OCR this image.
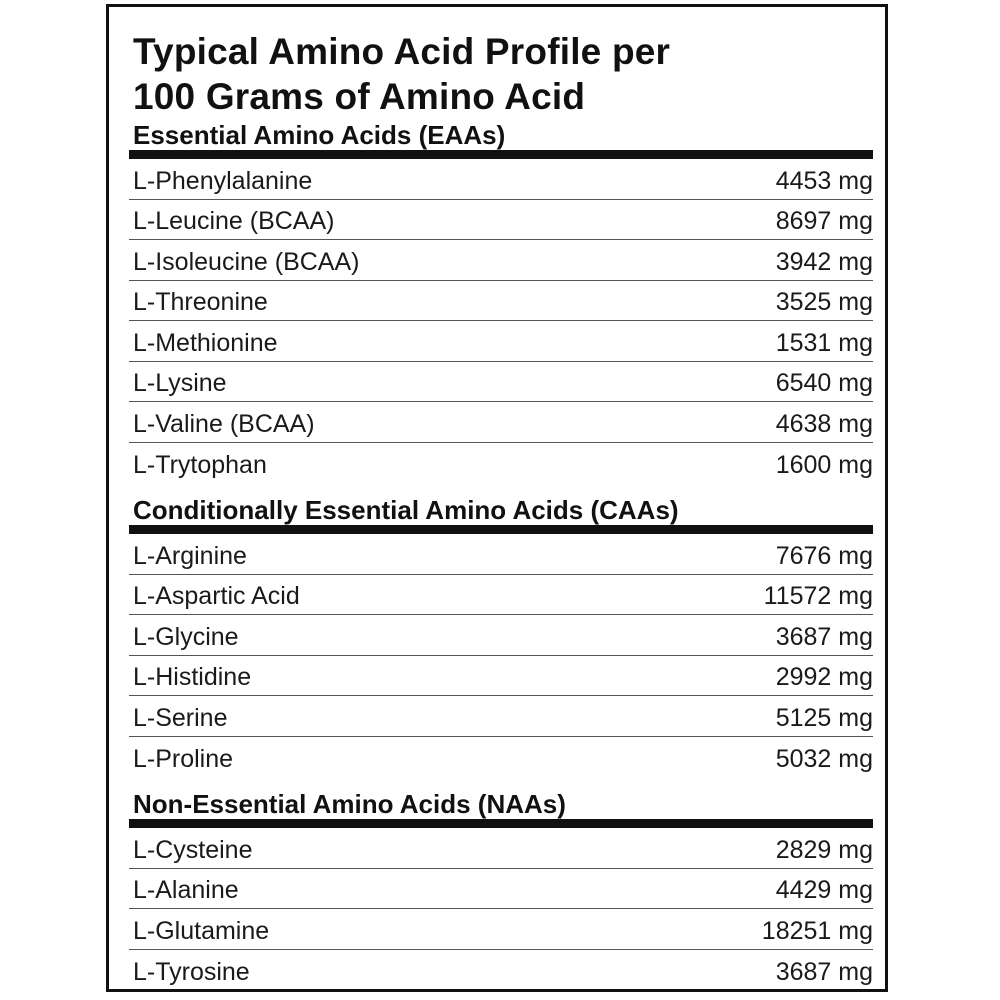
Typical Amino Acid Profile per
100 Grams of Amino Acid
Essential Amino Acids (EAAs)
L-Phenylalanine	4453 mg
L-Leucine (BCAA)	8697 mg
L-Isoleucine (BCAA)	3942 mg
L-Threonine	3525 mg
L-Methionine	1531 mg
L-Lysine	6540 mg
L-Valine (BCAA)	4638 mg
L-Trytophan	1600 mg
Conditionally Essential Amino Acids (CAAs)
L-Arginine	7676 mg
L-Aspartic Acid	11572 mg
L-Glycine	3687 mg
L-Histidine	2992 mg
L-Serine	5125 mg
L-Proline	5032 mg
Non-Essential Amino Acids (NAAs)
L-Cysteine	2829 mg
L-Alanine	4429 mg
L-Glutamine	18251 mg
L-Tyrosine	3687 mg
